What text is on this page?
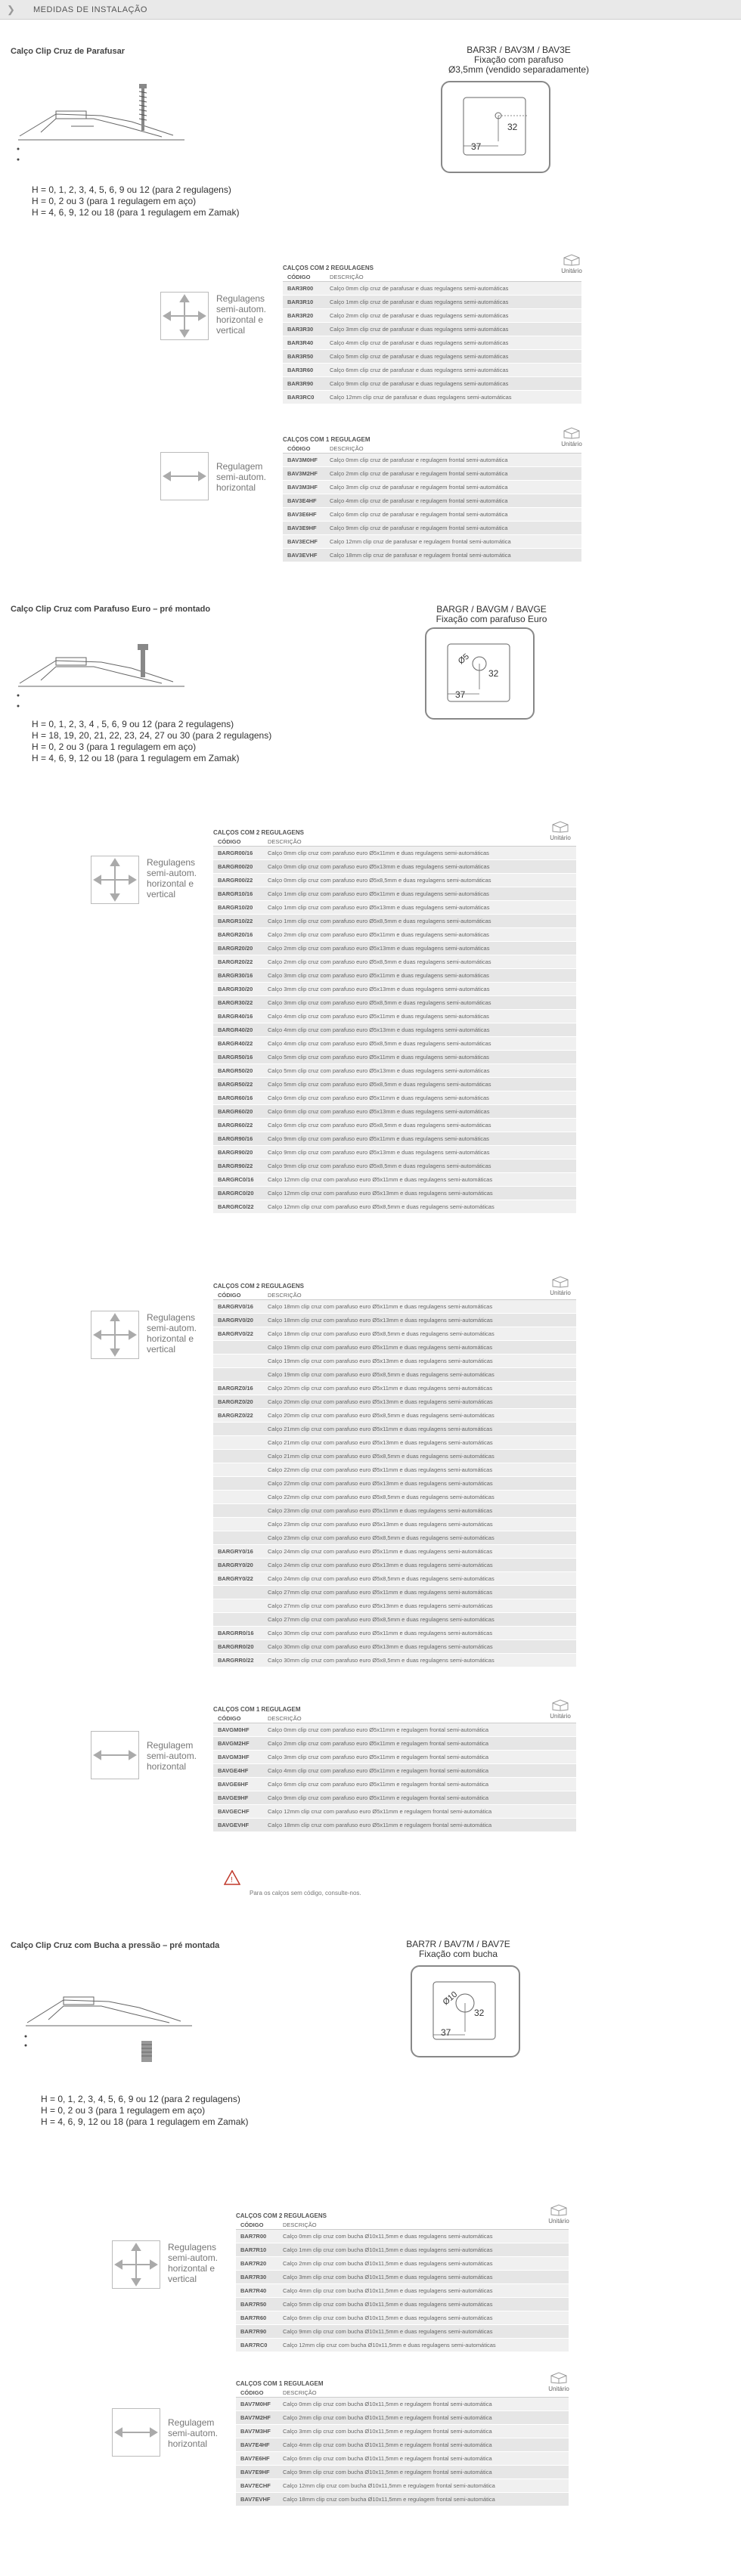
❯ MEDIDAS DE INSTALAÇÃO
Calço Clip Cruz de Parafusar
H = 0, 1, 2, 3, 4, 5, 6, 9 ou 12 (para 2 regulagens)
H = 0, 2 ou 3 (para 1 regulagem em aço)
H = 4, 6, 9, 12 ou 18 (para 1 regulagem em Zamak)
BAR3R / BAV3M / BAV3E
Fixação com parafuso
Ø3,5mm (vendido separadamente)
32
37
Regulagens
semi-autom.
horizontal e
vertical
CALÇOS COM 2 REGULAGENS
CÓDIGO	DESCRIÇÃO
BAR3R00	Calço 0mm clip cruz de parafusar e duas regulagens semi-automáticas
BAR3R10	Calço 1mm clip cruz de parafusar e duas regulagens semi-automáticas
BAR3R20	Calço 2mm clip cruz de parafusar e duas regulagens semi-automáticas
BAR3R30	Calço 3mm clip cruz de parafusar e duas regulagens semi-automáticas
BAR3R40	Calço 4mm clip cruz de parafusar e duas regulagens semi-automáticas
BAR3R50	Calço 5mm clip cruz de parafusar e duas regulagens semi-automáticas
BAR3R60	Calço 6mm clip cruz de parafusar e duas regulagens semi-automáticas
BAR3R90	Calço 9mm clip cruz de parafusar e duas regulagens semi-automáticas
BAR3RC0	Calço 12mm clip cruz de parafusar e duas regulagens semi-automáticas
Unitário
Regulagem
semi-autom.
horizontal
CALÇOS COM 1 REGULAGEM
CÓDIGO	DESCRIÇÃO
BAV3M0HF	Calço 0mm clip cruz de parafusar e regulagem frontal semi-automática
BAV3M2HF	Calço 2mm clip cruz de parafusar e regulagem frontal semi-automática
BAV3M3HF	Calço 3mm clip cruz de parafusar e regulagem frontal semi-automática
BAV3E4HF	Calço 4mm clip cruz de parafusar e regulagem frontal semi-automática
BAV3E6HF	Calço 6mm clip cruz de parafusar e regulagem frontal semi-automática
BAV3E9HF	Calço 9mm clip cruz de parafusar e regulagem frontal semi-automática
BAV3ECHF	Calço 12mm clip cruz de parafusar e regulagem frontal semi-automática
BAV3EVHF	Calço 18mm clip cruz de parafusar e regulagem frontal semi-automática
Unitário
Calço Clip Cruz com Parafuso Euro – pré montado
H = 0, 1, 2, 3, 4 , 5, 6, 9 ou 12 (para 2 regulagens)
H = 18, 19, 20, 21, 22, 23, 24, 27 ou 30 (para 2 regulagens)
H = 0, 2 ou 3 (para 1 regulagem em aço)
H = 4, 6, 9, 12 ou 18 (para 1 regulagem em Zamak)
BARGR / BAVGM / BAVGE
Fixação com parafuso Euro
Ø5
32
37
Regulagens
semi-autom.
horizontal e
vertical
CALÇOS COM 2 REGULAGENS
CÓDIGO	DESCRIÇÃO
BARGR00/16	Calço 0mm clip cruz com parafuso euro Ø5x11mm e duas regulagens semi-automáticas
BARGR00/20	Calço 0mm clip cruz com parafuso euro Ø5x13mm e duas regulagens semi-automáticas
BARGR00/22	Calço 0mm clip cruz com parafuso euro Ø5x8,5mm e duas regulagens semi-automáticas
BARGR10/16	Calço 1mm clip cruz com parafuso euro Ø5x11mm e duas regulagens semi-automáticas
BARGR10/20	Calço 1mm clip cruz com parafuso euro Ø5x13mm e duas regulagens semi-automáticas
BARGR10/22	Calço 1mm clip cruz com parafuso euro Ø5x8,5mm e duas regulagens semi-automáticas
BARGR20/16	Calço 2mm clip cruz com parafuso euro Ø5x11mm e duas regulagens semi-automáticas
BARGR20/20	Calço 2mm clip cruz com parafuso euro Ø5x13mm e duas regulagens semi-automáticas
BARGR20/22	Calço 2mm clip cruz com parafuso euro Ø5x8,5mm e duas regulagens semi-automáticas
BARGR30/16	Calço 3mm clip cruz com parafuso euro Ø5x11mm e duas regulagens semi-automáticas
BARGR30/20	Calço 3mm clip cruz com parafuso euro Ø5x13mm e duas regulagens semi-automáticas
BARGR30/22	Calço 3mm clip cruz com parafuso euro Ø5x8,5mm e duas regulagens semi-automáticas
BARGR40/16	Calço 4mm clip cruz com parafuso euro Ø5x11mm e duas regulagens semi-automáticas
BARGR40/20	Calço 4mm clip cruz com parafuso euro Ø5x13mm e duas regulagens semi-automáticas
BARGR40/22	Calço 4mm clip cruz com parafuso euro Ø5x8,5mm e duas regulagens semi-automáticas
BARGR50/16	Calço 5mm clip cruz com parafuso euro Ø5x11mm e duas regulagens semi-automáticas
BARGR50/20	Calço 5mm clip cruz com parafuso euro Ø5x13mm e duas regulagens semi-automáticas
BARGR50/22	Calço 5mm clip cruz com parafuso euro Ø5x8,5mm e duas regulagens semi-automáticas
BARGR60/16	Calço 6mm clip cruz com parafuso euro Ø5x11mm e duas regulagens semi-automáticas
BARGR60/20	Calço 6mm clip cruz com parafuso euro Ø5x13mm e duas regulagens semi-automáticas
BARGR60/22	Calço 6mm clip cruz com parafuso euro Ø5x8,5mm e duas regulagens semi-automáticas
BARGR90/16	Calço 9mm clip cruz com parafuso euro Ø5x11mm e duas regulagens semi-automáticas
BARGR90/20	Calço 9mm clip cruz com parafuso euro Ø5x13mm e duas regulagens semi-automáticas
BARGR90/22	Calço 9mm clip cruz com parafuso euro Ø5x8,5mm e duas regulagens semi-automáticas
BARGRC0/16	Calço 12mm clip cruz com parafuso euro Ø5x11mm e duas regulagens semi-automáticas
BARGRC0/20	Calço 12mm clip cruz com parafuso euro Ø5x13mm e duas regulagens semi-automáticas
BARGRC0/22	Calço 12mm clip cruz com parafuso euro Ø5x8,5mm e duas regulagens semi-automáticas
Unitário
Regulagens
semi-autom.
horizontal e
vertical
CALÇOS COM 2 REGULAGENS
CÓDIGO	DESCRIÇÃO
BARGRV0/16	Calço 18mm clip cruz com parafuso euro Ø5x11mm e duas regulagens semi-automáticas
BARGRV0/20	Calço 18mm clip cruz com parafuso euro Ø5x13mm e duas regulagens semi-automáticas
BARGRV0/22	Calço 18mm clip cruz com parafuso euro Ø5x8,5mm e duas regulagens semi-automáticas
Calço 19mm clip cruz com parafuso euro Ø5x11mm e duas regulagens semi-automáticas
Calço 19mm clip cruz com parafuso euro Ø5x13mm e duas regulagens semi-automáticas
Calço 19mm clip cruz com parafuso euro Ø5x8,5mm e duas regulagens semi-automáticas
BARGRZ0/16	Calço 20mm clip cruz com parafuso euro Ø5x11mm e duas regulagens semi-automáticas
BARGRZ0/20	Calço 20mm clip cruz com parafuso euro Ø5x13mm e duas regulagens semi-automáticas
BARGRZ0/22	Calço 20mm clip cruz com parafuso euro Ø5x8,5mm e duas regulagens semi-automáticas
Calço 21mm clip cruz com parafuso euro Ø5x11mm e duas regulagens semi-automáticas
Calço 21mm clip cruz com parafuso euro Ø5x13mm e duas regulagens semi-automáticas
Calço 21mm clip cruz com parafuso euro Ø5x8,5mm e duas regulagens semi-automáticas
Calço 22mm clip cruz com parafuso euro Ø5x11mm e duas regulagens semi-automáticas
Calço 22mm clip cruz com parafuso euro Ø5x13mm e duas regulagens semi-automáticas
Calço 22mm clip cruz com parafuso euro Ø5x8,5mm e duas regulagens semi-automáticas
Calço 23mm clip cruz com parafuso euro Ø5x11mm e duas regulagens semi-automáticas
Calço 23mm clip cruz com parafuso euro Ø5x13mm e duas regulagens semi-automáticas
Calço 23mm clip cruz com parafuso euro Ø5x8,5mm e duas regulagens semi-automáticas
BARGRY0/16	Calço 24mm clip cruz com parafuso euro Ø5x11mm e duas regulagens semi-automáticas
BARGRY0/20	Calço 24mm clip cruz com parafuso euro Ø5x13mm e duas regulagens semi-automáticas
BARGRY0/22	Calço 24mm clip cruz com parafuso euro Ø5x8,5mm e duas regulagens semi-automáticas
Calço 27mm clip cruz com parafuso euro Ø5x11mm e duas regulagens semi-automáticas
Calço 27mm clip cruz com parafuso euro Ø5x13mm e duas regulagens semi-automáticas
Calço 27mm clip cruz com parafuso euro Ø5x8,5mm e duas regulagens semi-automáticas
BARGRR0/16	Calço 30mm clip cruz com parafuso euro Ø5x11mm e duas regulagens semi-automáticas
BARGRR0/20	Calço 30mm clip cruz com parafuso euro Ø5x13mm e duas regulagens semi-automáticas
BARGRR0/22	Calço 30mm clip cruz com parafuso euro Ø5x8,5mm e duas regulagens semi-automáticas
Unitário
Regulagem
semi-autom.
horizontal
CALÇOS COM 1 REGULAGEM
CÓDIGO	DESCRIÇÃO
BAVGM0HF	Calço 0mm clip cruz com parafuso euro Ø5x11mm e regulagem frontal semi-automática
BAVGM2HF	Calço 2mm clip cruz com parafuso euro Ø5x11mm e regulagem frontal semi-automática
BAVGM3HF	Calço 3mm clip cruz com parafuso euro Ø5x11mm e regulagem frontal semi-automática
BAVGE4HF	Calço 4mm clip cruz com parafuso euro Ø5x11mm e regulagem frontal semi-automática
BAVGE6HF	Calço 6mm clip cruz com parafuso euro Ø5x11mm e regulagem frontal semi-automática
BAVGE9HF	Calço 9mm clip cruz com parafuso euro Ø5x11mm e regulagem frontal semi-automática
BAVGECHF	Calço 12mm clip cruz com parafuso euro Ø5x11mm e regulagem frontal semi-automática
BAVGEVHF	Calço 18mm clip cruz com parafuso euro Ø5x11mm e regulagem frontal semi-automática
Unitário
!
Para os calços sem código, consulte-nos.
Calço Clip Cruz com Bucha a pressão – pré montada
H = 0, 1, 2, 3, 4, 5, 6, 9 ou 12 (para 2 regulagens)
H = 0, 2 ou 3 (para 1 regulagem em aço)
H = 4, 6, 9, 12 ou 18 (para 1 regulagem em Zamak)
BAR7R / BAV7M / BAV7E
Fixação com bucha
Ø10
32
37
Regulagens
semi-autom.
horizontal e
vertical
CALÇOS COM 2 REGULAGENS
CÓDIGO	DESCRIÇÃO
BAR7R00	Calço 0mm clip cruz com bucha Ø10x11,5mm e duas regulagens semi-automáticas
BAR7R10	Calço 1mm clip cruz com bucha Ø10x11,5mm e duas regulagens semi-automáticas
BAR7R20	Calço 2mm clip cruz com bucha Ø10x11,5mm e duas regulagens semi-automáticas
BAR7R30	Calço 3mm clip cruz com bucha Ø10x11,5mm e duas regulagens semi-automáticas
BAR7R40	Calço 4mm clip cruz com bucha Ø10x11,5mm e duas regulagens semi-automáticas
BAR7R50	Calço 5mm clip cruz com bucha Ø10x11,5mm e duas regulagens semi-automáticas
BAR7R60	Calço 6mm clip cruz com bucha Ø10x11,5mm e duas regulagens semi-automáticas
BAR7R90	Calço 9mm clip cruz com bucha Ø10x11,5mm e duas regulagens semi-automáticas
BAR7RC0	Calço 12mm clip cruz com bucha Ø10x11,5mm e duas regulagens semi-automáticas
Unitário
Regulagem
semi-autom.
horizontal
CALÇOS COM 1 REGULAGEM
CÓDIGO	DESCRIÇÃO
BAV7M0HF	Calço 0mm clip cruz com bucha Ø10x11,5mm e regulagem frontal semi-automática
BAV7M2HF	Calço 2mm clip cruz com bucha Ø10x11,5mm e regulagem frontal semi-automática
BAV7M3HF	Calço 3mm clip cruz com bucha Ø10x11,5mm e regulagem frontal semi-automática
BAV7E4HF	Calço 4mm clip cruz com bucha Ø10x11,5mm e regulagem frontal semi-automática
BAV7E6HF	Calço 6mm clip cruz com bucha Ø10x11,5mm e regulagem frontal semi-automática
BAV7E9HF	Calço 9mm clip cruz com bucha Ø10x11,5mm e regulagem frontal semi-automática
BAV7ECHF	Calço 12mm clip cruz com bucha Ø10x11,5mm e regulagem frontal semi-automática
BAV7EVHF	Calço 18mm clip cruz com bucha Ø10x11,5mm e regulagem frontal semi-automática
Unitário
